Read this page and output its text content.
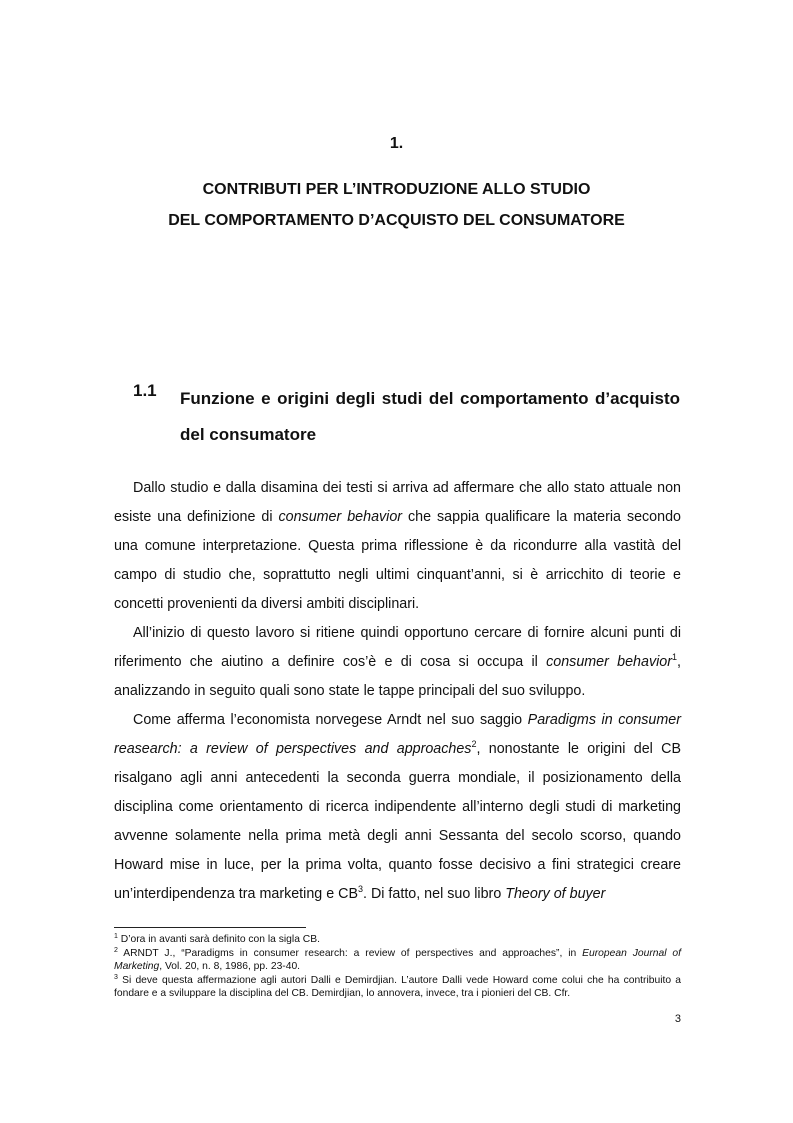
1.
CONTRIBUTI PER L’INTRODUZIONE ALLO STUDIO
DEL COMPORTAMENTO D’ACQUISTO DEL CONSUMATORE
1.1 Funzione e origini degli studi del comportamento d’acquisto del consumatore

Dallo studio e dalla disamina dei testi si arriva ad affermare che allo stato attuale non esiste una definizione di consumer behavior che sappia qualificare la materia secondo una comune interpretazione. Questa prima riflessione è da ricondurre alla vastità del campo di studio che, soprattutto negli ultimi cinquant’anni, si è arricchito di teorie e concetti provenienti da diversi ambiti disciplinari.

All’inizio di questo lavoro si ritiene quindi opportuno cercare di fornire alcuni punti di riferimento che aiutino a definire cos’è e di cosa si occupa il consumer behavior$^1$, analizzando in seguito quali sono state le tappe principali del suo sviluppo.

Come afferma l’economista norvegese Arndt nel suo saggio Paradigms in consumer reasearch: a review of perspectives and approaches$^2$, nonostante le origini del CB risalgano agli anni antecedenti la seconda guerra mondiale, il posizionamento della disciplina come orientamento di ricerca indipendente all’interno degli studi di marketing avvenne solamente nella prima metà degli anni Sessanta del secolo scorso, quando Howard mise in luce, per la prima volta, quanto fosse decisivo a fini strategici creare un’interdipendenza tra marketing e $CB^3$. Di fatto, nel suo libro Theory of buyer

$^1$ D’ora in avanti sarà definito con la sigla CB.

$^2$ ARNDT J., “Paradigms in consumer research: a review of perspectives and approaches”, in European Journal of Marketing, Vol. 20, n. 8, 1986, pp. 23-40.

$^3$ Si deve questa affermazione agli autori Dalli e Demirdjian. L’autore Dalli vede Howard come colui che ha contribuito a fondare e a sviluppare la disciplina del CB. Demirdjian, lo annovera, invece, tra i pionieri del CB. Cfr.

3
